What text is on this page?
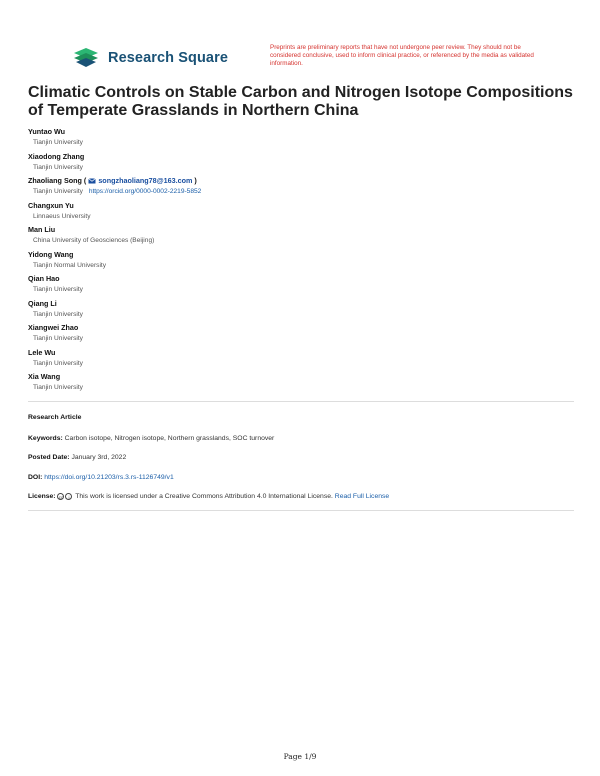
Research Square
Preprints are preliminary reports that have not undergone peer review. They should not be considered conclusive, used to inform clinical practice, or referenced by the media as validated information.
Climatic Controls on Stable Carbon and Nitrogen Isotope Compositions of Temperate Grasslands in Northern China
Yuntao Wu
Tianjin University
Xiaodong Zhang
Tianjin University
Zhaoliang Song ( songzhaoliang78@163.com )
Tianjin University https://orcid.org/0000-0002-2219-5852
Changxun Yu
Linnaeus University
Man Liu
China University of Geosciences (Beijing)
Yidong Wang
Tianjin Normal University
Qian Hao
Tianjin University
Qiang Li
Tianjin University
Xiangwei Zhao
Tianjin University
Lele Wu
Tianjin University
Xia Wang
Tianjin University
Research Article
Keywords: Carbon isotope, Nitrogen isotope, Northern grasslands, SOC turnover
Posted Date: January 3rd, 2022
DOI: https://doi.org/10.21203/rs.3.rs-1126749/v1
License: cc i This work is licensed under a Creative Commons Attribution 4.0 International License. Read Full License
Page 1/9
